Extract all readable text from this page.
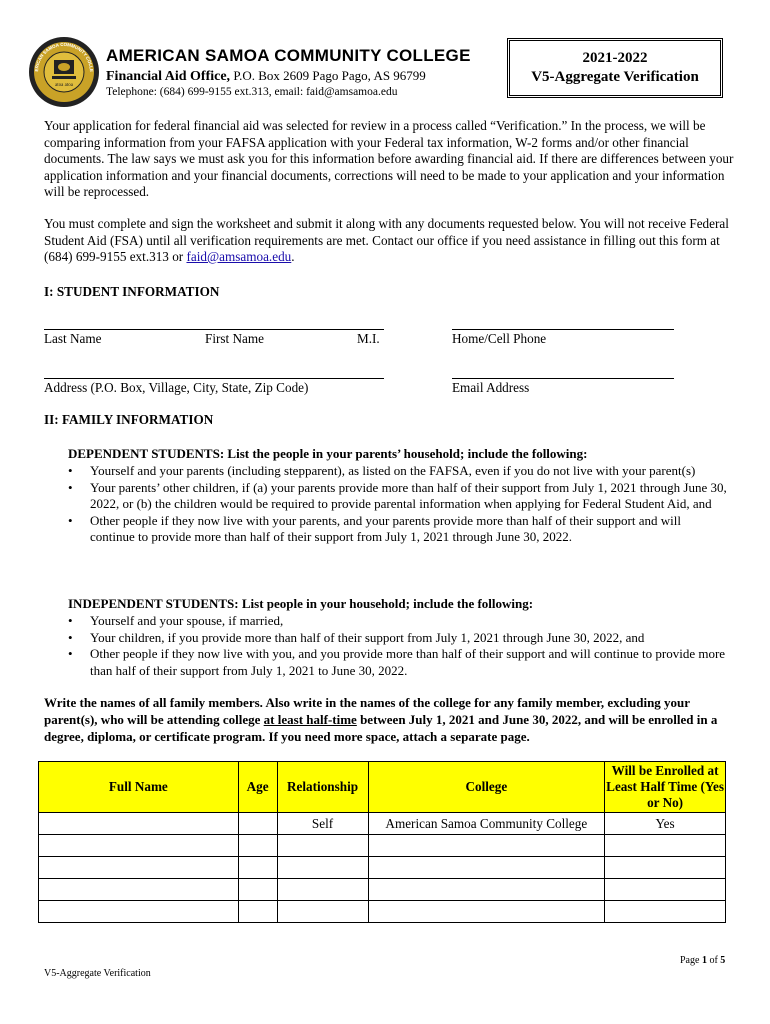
ERICAN SAMOA COMMUNITY COLLE
atoa atoa
AMERICAN SAMOA COMMUNITY COLLEGE
Financial Aid Office, P.O. Box 2609 Pago Pago, AS 96799
Telephone: (684) 699-9155 ext.313, email: faid@amsamoa.edu
2021-2022
V5-Aggregate Verification
Your application for federal financial aid was selected for review in a process called “Verification.” In the process, we will be comparing information from your FAFSA application with your Federal tax information, W-2 forms and/or other financial documents. The law says we must ask you for this information before awarding financial aid. If there are differences between your application information and your financial documents, corrections will need to be made to your application and your information will be reprocessed.
You must complete and sign the worksheet and submit it along with any documents requested below. You will not receive Federal Student Aid (FSA) until all verification requirements are met. Contact our office if you need assistance in filling out this form at (684) 699-9155 ext.313 or faid@amsamoa.edu.
I: STUDENT INFORMATION
Last Name	First Name	M.I.	Home/Cell Phone
Address (P.O. Box, Village, City, State, Zip Code)	Email Address
II: FAMILY INFORMATION
DEPENDENT STUDENTS: List the people in your parents’ household; include the following:
• Yourself and your parents (including stepparent), as listed on the FAFSA, even if you do not live with your parent(s)
• Your parents’ other children, if (a) your parents provide more than half of their support from July 1, 2021 through June 30, 2022, or (b) the children would be required to provide parental information when applying for Federal Student Aid, and
• Other people if they now live with your parents, and your parents provide more than half of their support and will continue to provide more than half of their support from July 1, 2021 through June 30, 2022.
INDEPENDENT STUDENTS: List people in your household; include the following:
• Yourself and your spouse, if married,
• Your children, if you provide more than half of their support from July 1, 2021 through June 30, 2022, and
• Other people if they now live with you, and you provide more than half of their support and will continue to provide more than half of their support from July 1, 2021 to June 30, 2022.
Write the names of all family members. Also write in the names of the college for any family member, excluding your parent(s), who will be attending college at least half-time between July 1, 2021 and June 30, 2022, and will be enrolled in a degree, diploma, or certificate program. If you need more space, attach a separate page.
Full Name	Age	Relationship	College	Will be Enrolled at Least Half Time (Yes or No)
		Self	American Samoa Community College	Yes

Page 1 of 5
V5-Aggregate Verification
